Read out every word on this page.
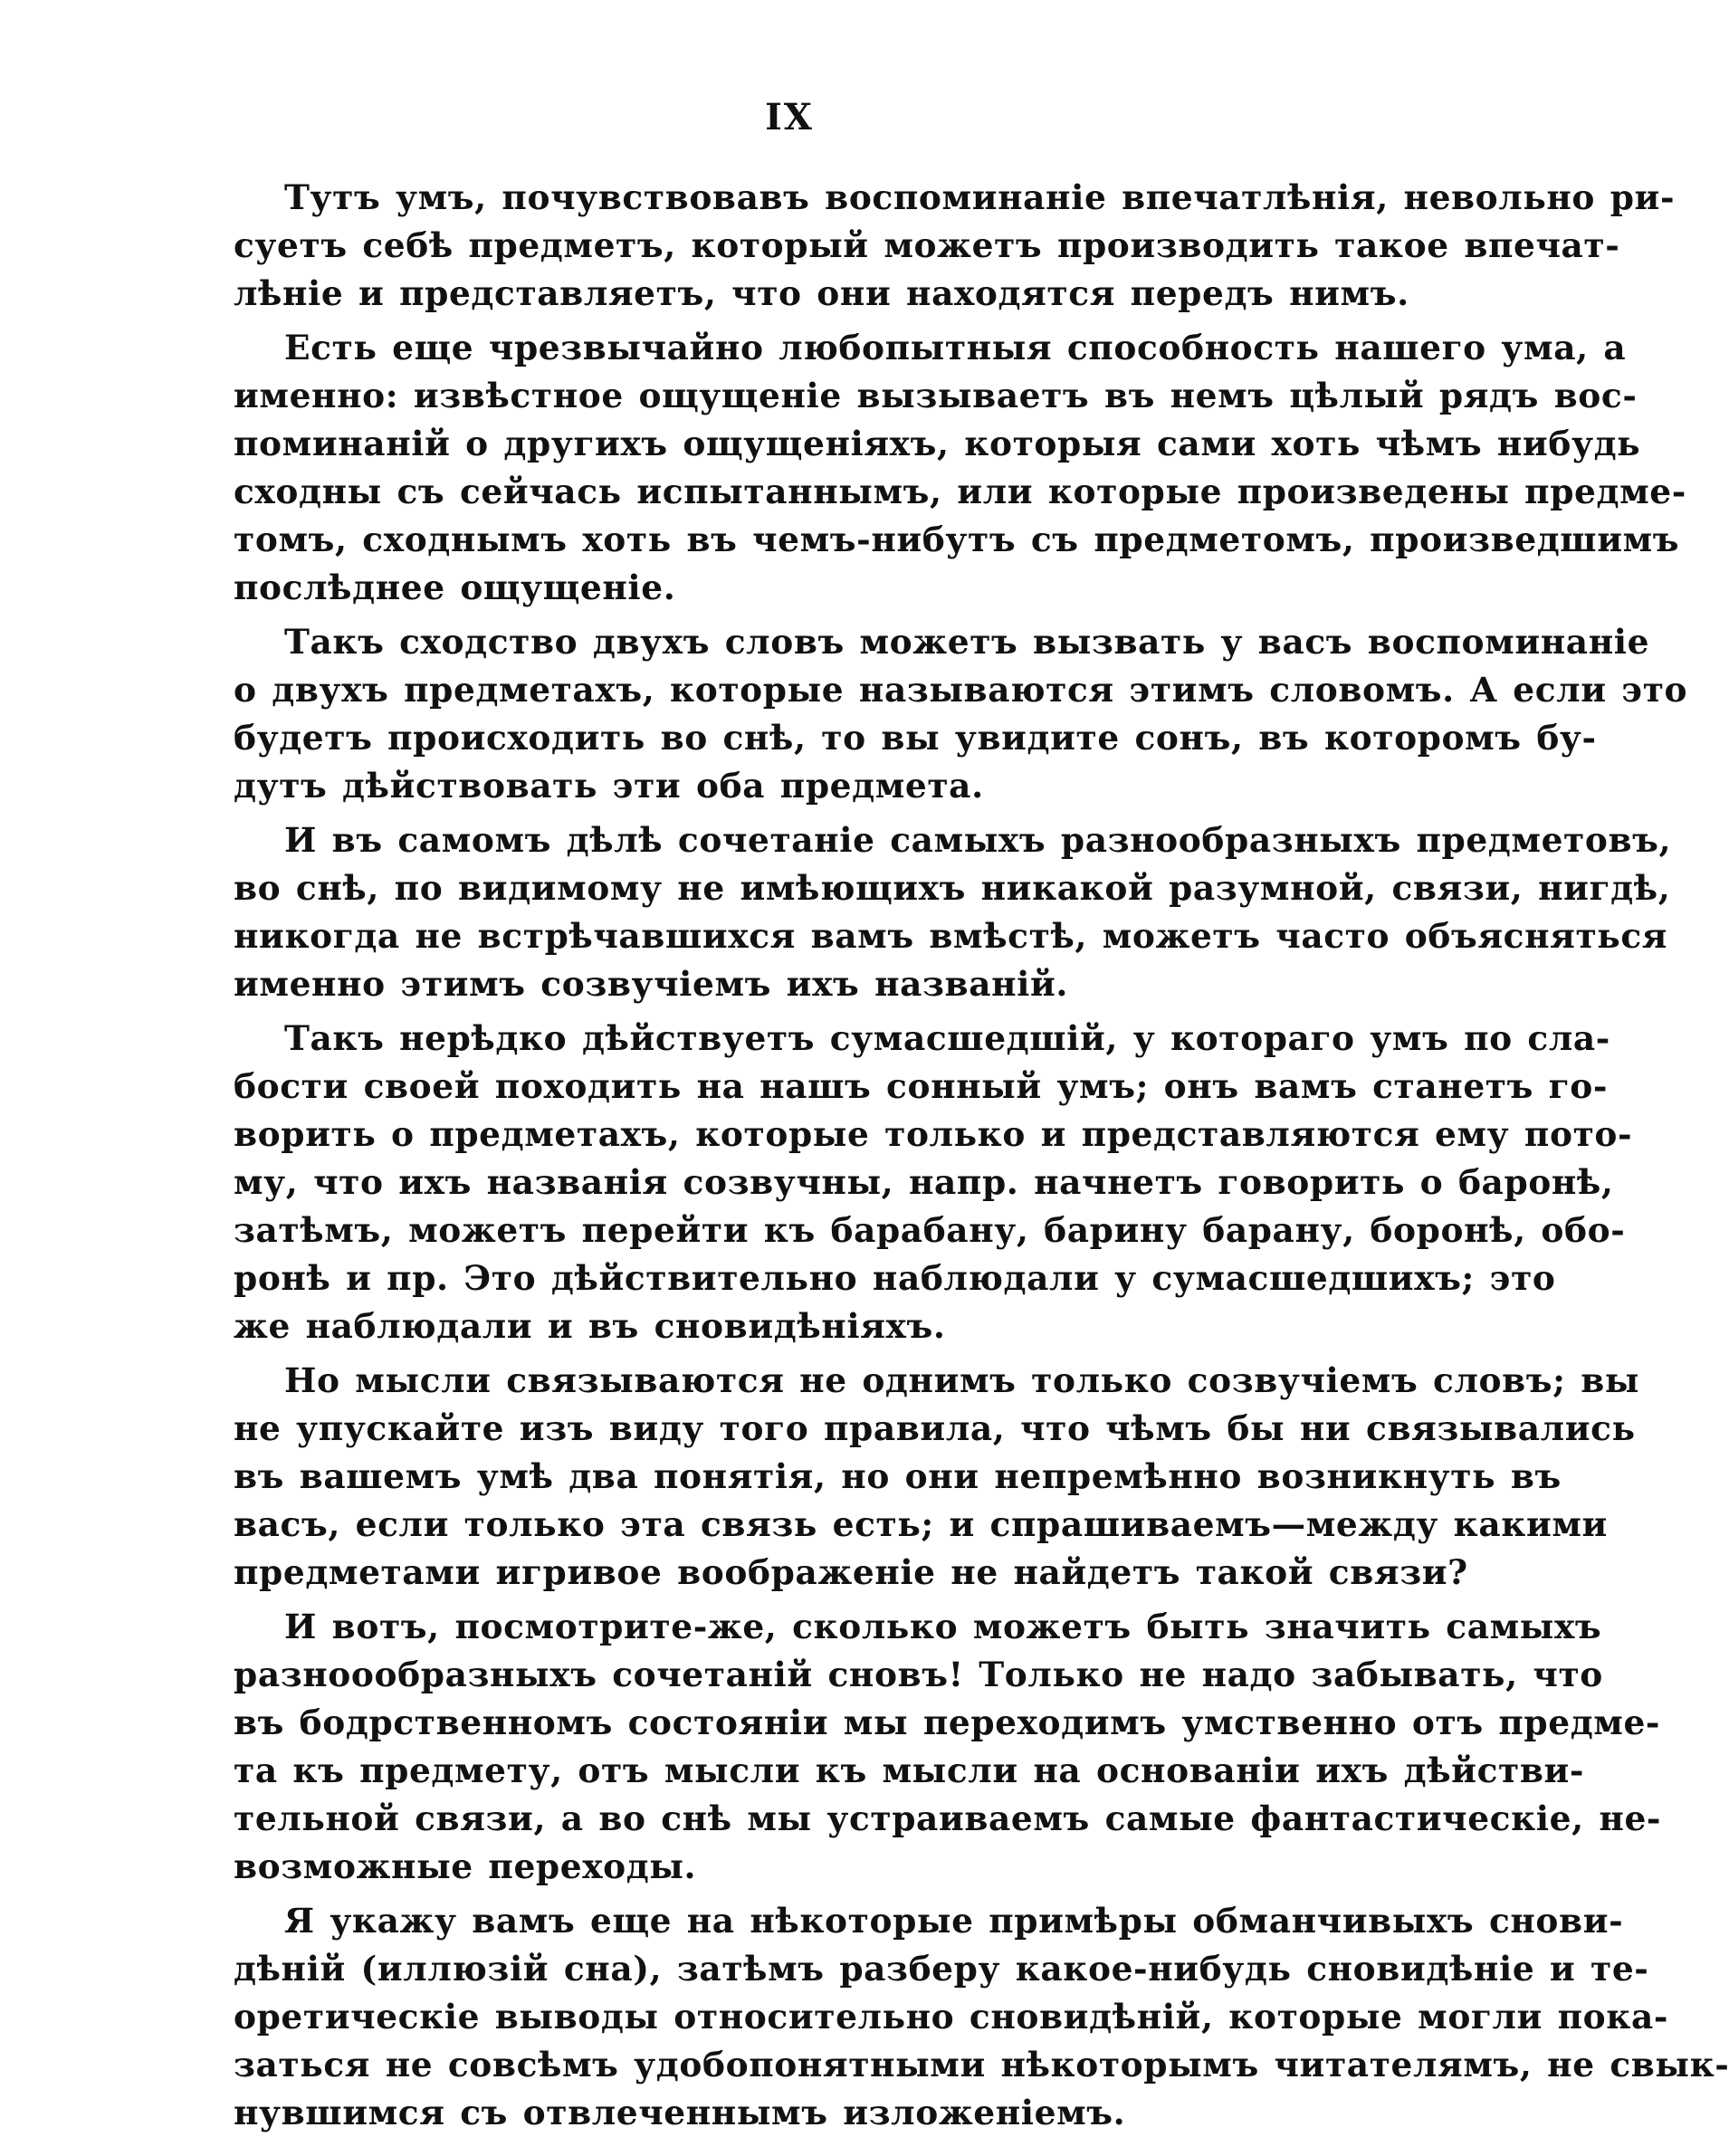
IX

Тутъ умъ, почувствовавъ воспоминаніе впечатлѣнія, невольно ри-
суетъ себѣ предметъ, который можетъ производить такое впечат-
лѣніе и представляетъ, что они находятся передъ нимъ.

Есть еще чрезвычайно любопытныя способность нашего ума, а
именно: извѣстное ощущеніе вызываетъ въ немъ цѣлый рядъ вос-
поминаній о другихъ ощущеніяхъ, которыя сами хоть чѣмъ нибудь
сходны съ сейчась испытаннымъ, или которые произведены предме-
томъ, сходнымъ хоть въ чемъ-нибутъ съ предметомъ, произведшимъ
послѣднее ощущеніе.

Такъ сходство двухъ словъ можетъ вызвать у васъ воспоминаніе
о двухъ предметахъ, которые называются этимъ словомъ. А если это
будетъ происходить во снѣ, то вы увидите сонъ, въ которомъ бу-
дутъ дѣйствовать эти оба предмета.

И въ самомъ дѣлѣ сочетаніе самыхъ разнообразныхъ предметовъ,
во снѣ, по видимому не имѣющихъ никакой разумной, связи, нигдѣ,
никогда не встрѣчавшихся вамъ вмѣстѣ, можетъ часто объясняться
именно этимъ созвучіемъ ихъ названій.

Такъ нерѣдко дѣйствуетъ сумасшедшій, у котораго умъ по сла-
бости своей походить на нашъ сонный умъ; онъ вамъ станетъ го-
ворить о предметахъ, которые только и представляются ему пото-
му, что ихъ названія созвучны, напр. начнетъ говорить о баронѣ,
затѣмъ, можетъ перейти къ барабану, барину барану, боронѣ, обо-
ронѣ и пр. Это дѣйствительно наблюдали у сумасшедшихъ; это
же наблюдали и въ сновидѣніяхъ.

Но мысли связываются не однимъ только созвучіемъ словъ; вы
не упускайте изъ виду того правила, что чѣмъ бы ни связывались
въ вашемъ умѣ два понятія, но они непремѣнно возникнуть въ
васъ, если только эта связь есть; и спрашиваемъ—между какими
предметами игривое воображеніе не найдетъ такой связи?

И вотъ, посмотрите-же, сколько можетъ быть значить самыхъ
разноообразныхъ сочетаній сновъ! Только не надо забывать, что
въ бодрственномъ состояніи мы переходимъ умственно отъ предме-
та къ предмету, отъ мысли къ мысли на основаніи ихъ дѣйстви-
тельной связи, а во снѣ мы устраиваемъ самые фантастическіе, не-
возможные переходы.

Я укажу вамъ еще на нѣкоторые примѣры обманчивыхъ снови-
дѣній (иллюзій сна), затѣмъ разберу какое-нибудь сновидѣніе и те-
оретическіе выводы относительно сновидѣній, которые могли пока-
заться не совсѣмъ удобопонятными нѣкоторымъ читателямъ, не свык-
нувшимся съ отвлеченнымъ изложеніемъ.
